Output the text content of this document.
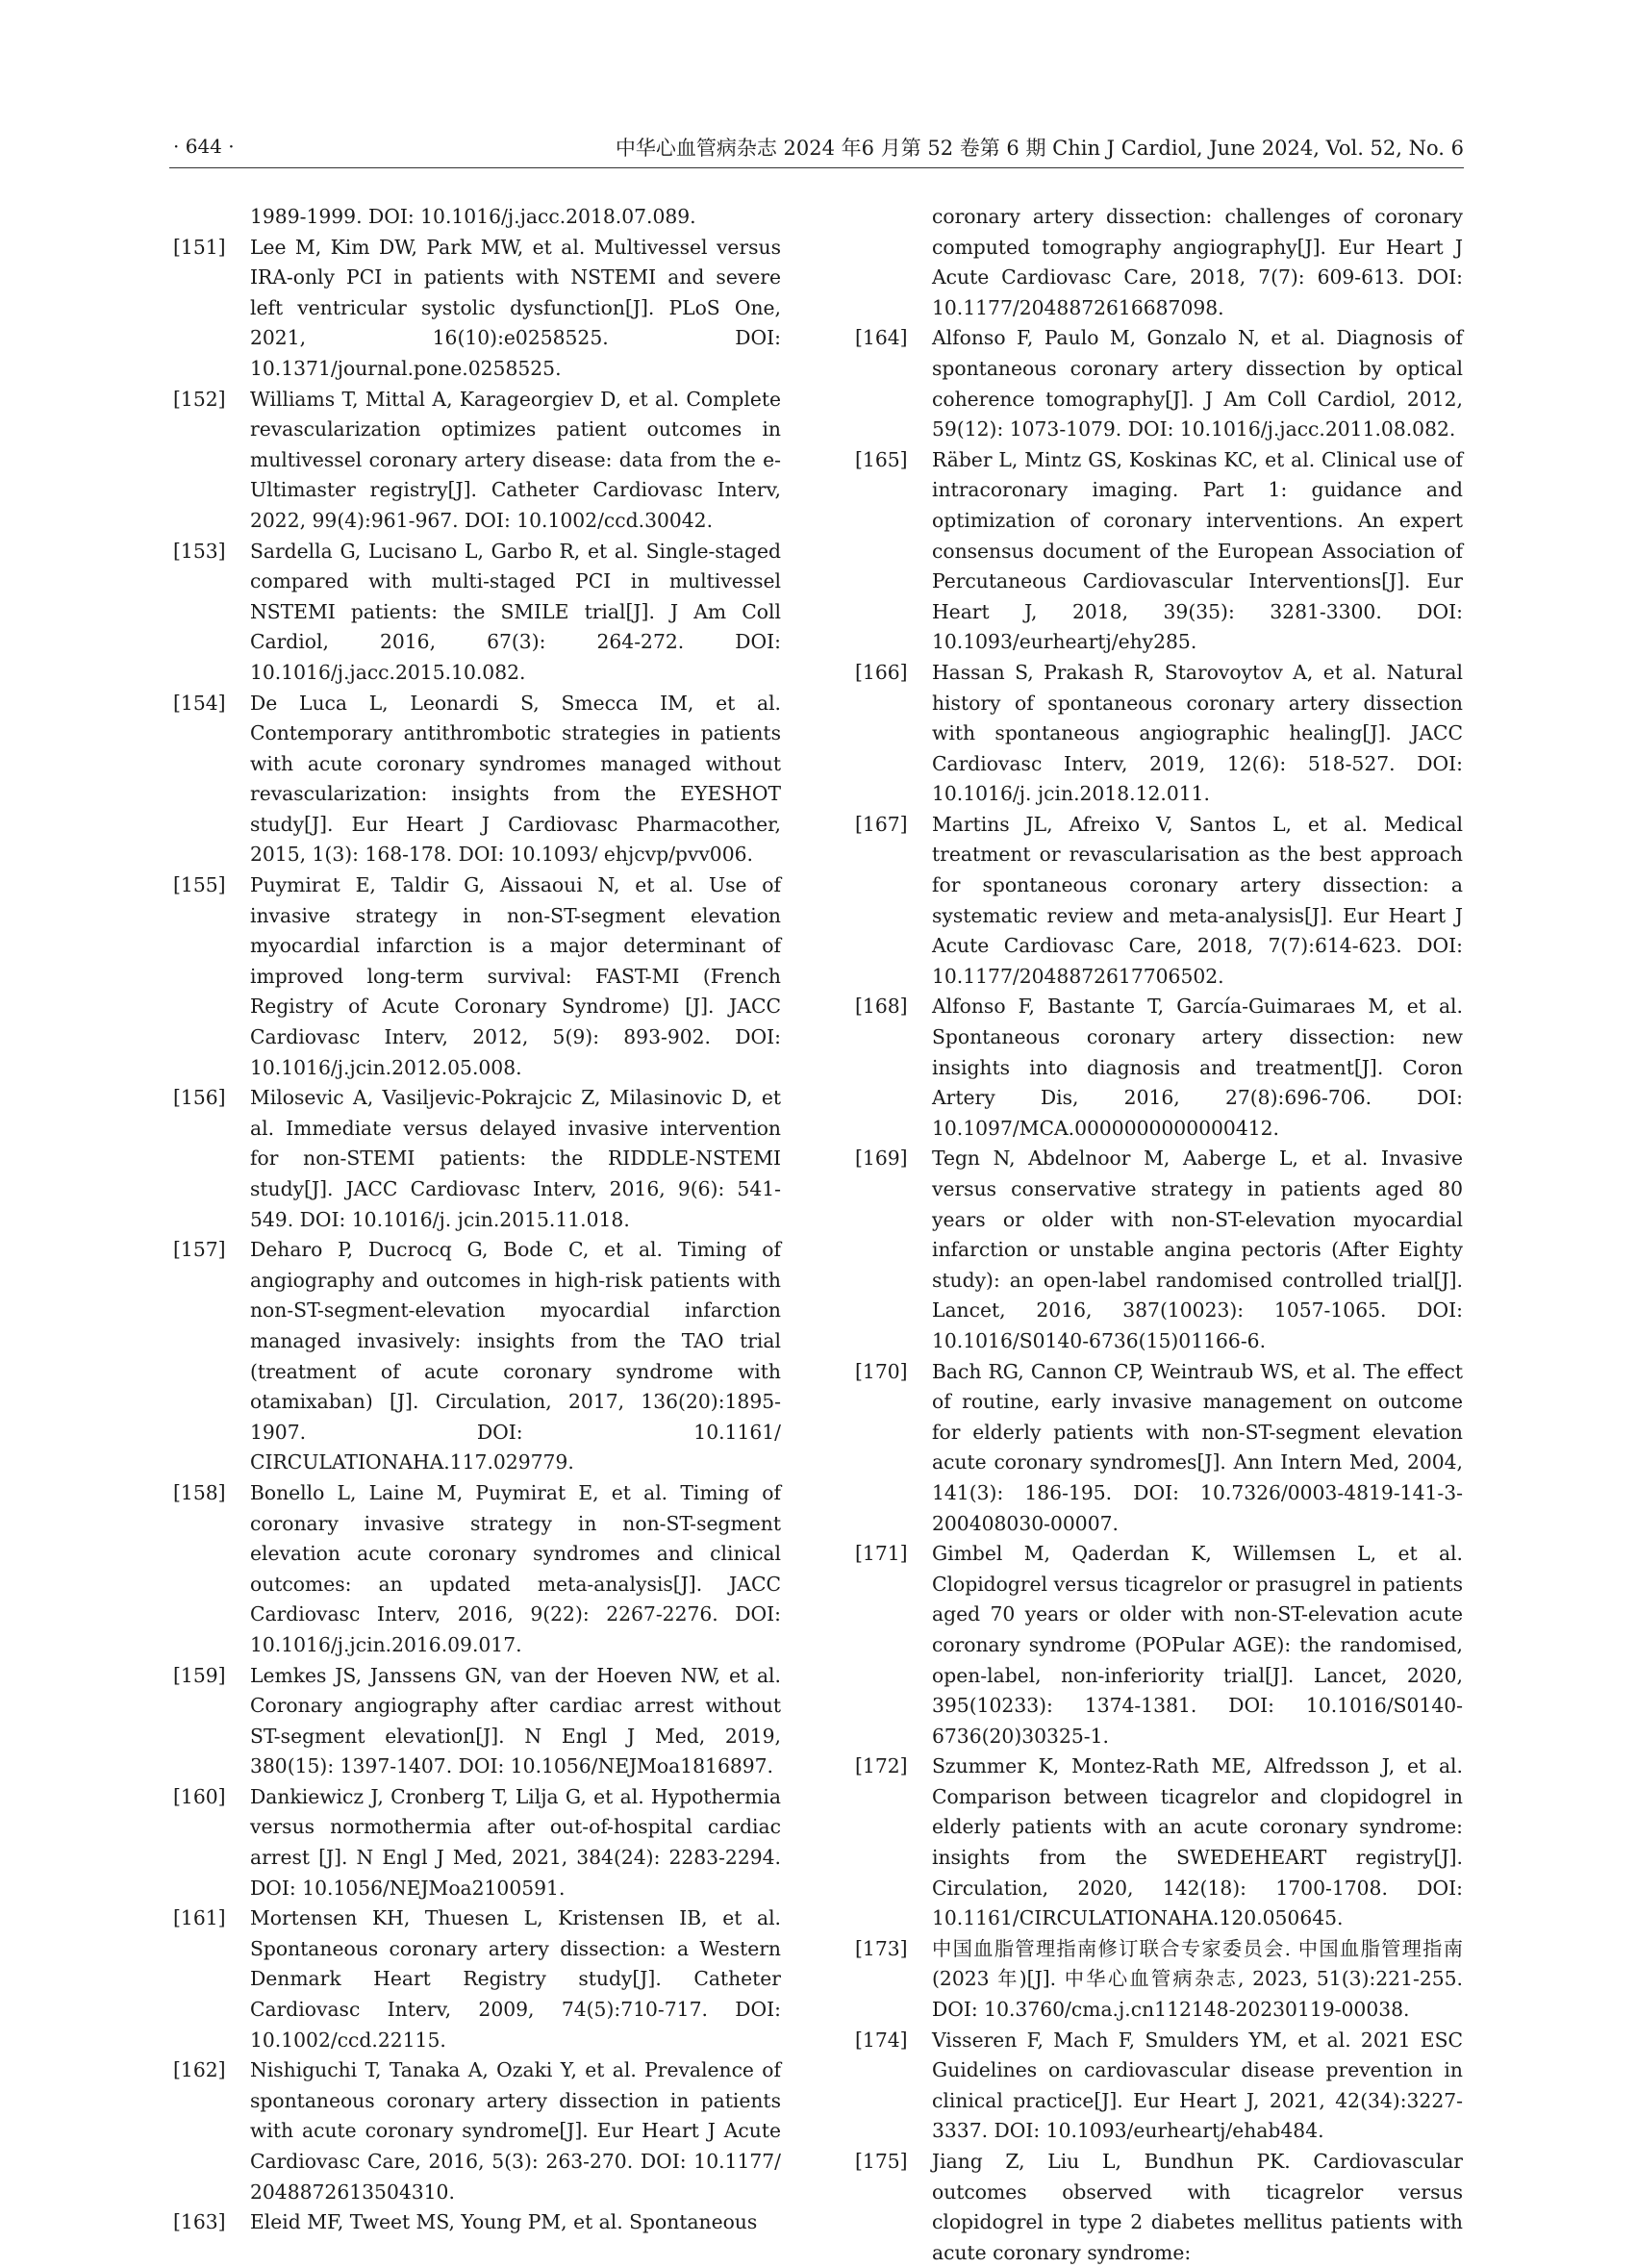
· 644 ·	中华心血管病杂志 2024 年6 月第 52 卷第 6 期 Chin J Cardiol, June 2024, Vol. 52, No. 6
1989-1999. DOI: 10.1016/j.jacc.2018.07.089.
[151] Lee M, Kim DW, Park MW, et al. Multivessel versus IRA-only PCI in patients with NSTEMI and severe left ventricular systolic dysfunction[J]. PLoS One, 2021, 16(10):e0258525. DOI: 10.1371/journal.pone.0258525.
[152] Williams T, Mittal A, Karageorgiev D, et al. Complete revascularization optimizes patient outcomes in multivessel coronary artery disease: data from the e-Ultimaster registry[J]. Catheter Cardiovasc Interv, 2022, 99(4):961-967. DOI: 10.1002/ccd.30042.
[153] Sardella G, Lucisano L, Garbo R, et al. Single-staged compared with multi-staged PCI in multivessel NSTEMI patients: the SMILE trial[J]. J Am Coll Cardiol, 2016, 67(3): 264-272. DOI: 10.1016/j.jacc.2015.10.082.
[154] De Luca L, Leonardi S, Smecca IM, et al. Contemporary antithrombotic strategies in patients with acute coronary syndromes managed without revascularization: insights from the EYESHOT study[J]. Eur Heart J Cardiovasc Pharmacother, 2015, 1(3): 168-178. DOI: 10.1093/ ehjcvp/pvv006.
[155] Puymirat E, Taldir G, Aissaoui N, et al. Use of invasive strategy in non-ST-segment elevation myocardial infarction is a major determinant of improved long-term survival: FAST-MI (French Registry of Acute Coronary Syndrome) [J]. JACC Cardiovasc Interv, 2012, 5(9): 893-902. DOI: 10.1016/j.jcin.2012.05.008.
[156] Milosevic A, Vasiljevic-Pokrajcic Z, Milasinovic D, et al. Immediate versus delayed invasive intervention for non-STEMI patients: the RIDDLE-NSTEMI study[J]. JACC Cardiovasc Interv, 2016, 9(6): 541-549. DOI: 10.1016/j. jcin.2015.11.018.
[157] Deharo P, Ducrocq G, Bode C, et al. Timing of angiography and outcomes in high-risk patients with non-ST-segment-elevation myocardial infarction managed invasively: insights from the TAO trial (treatment of acute coronary syndrome with otamixaban) [J]. Circulation, 2017, 136(20):1895-1907. DOI: 10.1161/ CIRCULATIONAHA.117.029779.
[158] Bonello L, Laine M, Puymirat E, et al. Timing of coronary invasive strategy in non-ST-segment elevation acute coronary syndromes and clinical outcomes: an updated meta-analysis[J]. JACC Cardiovasc Interv, 2016, 9(22): 2267-2276. DOI: 10.1016/j.jcin.2016.09.017.
[159] Lemkes JS, Janssens GN, van der Hoeven NW, et al. Coronary angiography after cardiac arrest without ST-segment elevation[J]. N Engl J Med, 2019, 380(15): 1397-1407. DOI: 10.1056/NEJMoa1816897.
[160] Dankiewicz J, Cronberg T, Lilja G, et al. Hypothermia versus normothermia after out-of-hospital cardiac arrest [J]. N Engl J Med, 2021, 384(24): 2283-2294. DOI: 10.1056/NEJMoa2100591.
[161] Mortensen KH, Thuesen L, Kristensen IB, et al. Spontaneous coronary artery dissection: a Western Denmark Heart Registry study[J]. Catheter Cardiovasc Interv, 2009, 74(5):710-717. DOI: 10.1002/ccd.22115.
[162] Nishiguchi T, Tanaka A, Ozaki Y, et al. Prevalence of spontaneous coronary artery dissection in patients with acute coronary syndrome[J]. Eur Heart J Acute Cardiovasc Care, 2016, 5(3): 263-270. DOI: 10.1177/ 2048872613504310.
[163] Eleid MF, Tweet MS, Young PM, et al. Spontaneous
coronary artery dissection: challenges of coronary computed tomography angiography[J]. Eur Heart J Acute Cardiovasc Care, 2018, 7(7): 609-613. DOI: 10.1177/2048872616687098.
[164] Alfonso F, Paulo M, Gonzalo N, et al. Diagnosis of spontaneous coronary artery dissection by optical coherence tomography[J]. J Am Coll Cardiol, 2012, 59(12): 1073-1079. DOI: 10.1016/j.jacc.2011.08.082.
[165] Räber L, Mintz GS, Koskinas KC, et al. Clinical use of intracoronary imaging. Part 1: guidance and optimization of coronary interventions. An expert consensus document of the European Association of Percutaneous Cardiovascular Interventions[J]. Eur Heart J, 2018, 39(35): 3281-3300. DOI: 10.1093/eurheartj/ehy285.
[166] Hassan S, Prakash R, Starovoytov A, et al. Natural history of spontaneous coronary artery dissection with spontaneous angiographic healing[J]. JACC Cardiovasc Interv, 2019, 12(6): 518-527. DOI: 10.1016/j. jcin.2018.12.011.
[167] Martins JL, Afreixo V, Santos L, et al. Medical treatment or revascularisation as the best approach for spontaneous coronary artery dissection: a systematic review and meta-analysis[J]. Eur Heart J Acute Cardiovasc Care, 2018, 7(7):614-623. DOI: 10.1177/2048872617706502.
[168] Alfonso F, Bastante T, García-Guimaraes M, et al. Spontaneous coronary artery dissection: new insights into diagnosis and treatment[J]. Coron Artery Dis, 2016, 27(8):696-706. DOI: 10.1097/MCA.0000000000000412.
[169] Tegn N, Abdelnoor M, Aaberge L, et al. Invasive versus conservative strategy in patients aged 80 years or older with non-ST-elevation myocardial infarction or unstable angina pectoris (After Eighty study): an open-label randomised controlled trial[J]. Lancet, 2016, 387(10023): 1057-1065. DOI: 10.1016/S0140-6736(15)01166-6.
[170] Bach RG, Cannon CP, Weintraub WS, et al. The effect of routine, early invasive management on outcome for elderly patients with non-ST-segment elevation acute coronary syndromes[J]. Ann Intern Med, 2004, 141(3): 186-195. DOI: 10.7326/0003-4819-141-3-200408030-00007.
[171] Gimbel M, Qaderdan K, Willemsen L, et al. Clopidogrel versus ticagrelor or prasugrel in patients aged 70 years or older with non-ST-elevation acute coronary syndrome (POPular AGE): the randomised, open-label, non-inferiority trial[J]. Lancet, 2020, 395(10233): 1374-1381. DOI: 10.1016/S0140-6736(20)30325-1.
[172] Szummer K, Montez-Rath ME, Alfredsson J, et al. Comparison between ticagrelor and clopidogrel in elderly patients with an acute coronary syndrome: insights from the SWEDEHEART registry[J]. Circulation, 2020, 142(18): 1700-1708. DOI: 10.1161/CIRCULATIONAHA.120.050645.
[173] 中国血脂管理指南修订联合专家委员会. 中国血脂管理指南(2023 年)[J]. 中华心血管病杂志, 2023, 51(3):221-255. DOI: 10.3760/cma.j.cn112148-20230119-00038.
[174] Visseren F, Mach F, Smulders YM, et al. 2021 ESC Guidelines on cardiovascular disease prevention in clinical practice[J]. Eur Heart J, 2021, 42(34):3227-3337. DOI: 10.1093/eurheartj/ehab484.
[175] Jiang Z, Liu L, Bundhun PK. Cardiovascular outcomes observed with ticagrelor versus clopidogrel in type 2 diabetes mellitus patients with acute coronary syndrome:
